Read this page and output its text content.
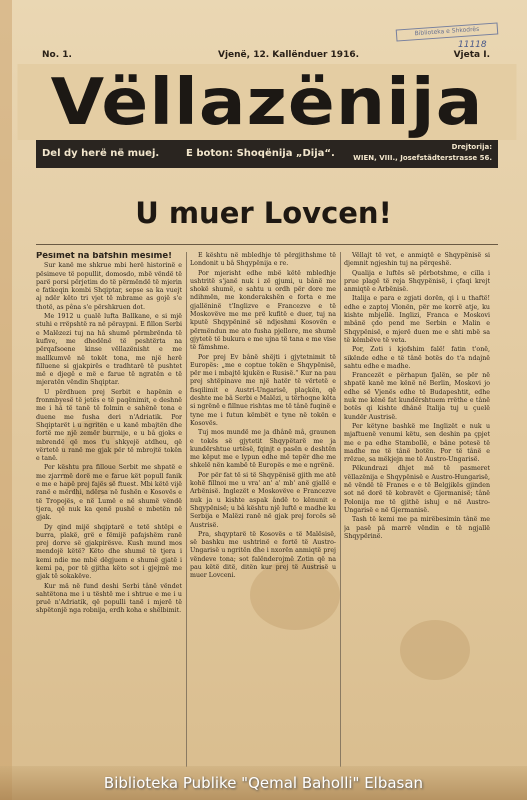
Biblioteka e Shkodrës
11118
No. 1.	Vjenë, 12. Kallënduer 1916.	Vjeta I.
Vëllazënija
Del dy herë në muej.	E boton: Shoqënija „Dija“.
Drejtorija:
WIEN, VIII., Josefstädterstrasse 56.
U muer Lovcen!
Pësimet na bâfshin mësime!

Sur kanë me shkrue mbi herë historinë e pësimeve të popullit, domosdo, mbë vëndë të parë porsi përjetim do të përmëndë të mjerin e fatkeqin kombi Shqiptar, sepse sa ka vuejt aj ndër këto tri vjet të mbrame as gojë s'e thotë, as pêna s'e përshkruen dot.

Me 1912 u çualë lufta Ballkane, e si mjë stuhi e rrëpshtë ra në përaypni. E fillon Serbi e Malëzezi tuj na hâ shumë përmbrënda të kufive, me dhedënë të peshtërta na përqafsoene kinse vëllazënisht e me mallkumvë në tokët tona, me një herë filluene si gjakpirës e tradhtarë të pushtet më e djegë e më e farue të ngratën e të mjeratën vëndin Shqiptar.

U përdhuen prej Serbit e hapënin e fronmbyesë të jetës e të paqënimit, e deshnë me i hâ të tanë të folmin e sahënë tona e duene me fusha deri n'Adriatik. Por Shqiptarët i u ngritën e u kanë mbajtën dhe fortë me një zemër burrnije, e u bâ gjoks e mbrendë që mos t'u shkyejë atdheu, që vërtetë u ranë me gjak për të mbrojtë tokën e tanë.

Per kështu pra filloue Serbit me shpatë e me zjarrmë dorë me e farue kët popull fanik e me e hapë prej fajës së ftuest. Mbi këtë vijë ranë e mërdhi, ndërsa në fushën e Kosovës e të Tropojës, e në Lumë e në shumë vëndë tjera, që nuk ka qenë pushë e mbetën në gjak.

Dy qind mijë shqiptarë e tetë shtëpi e burra, plakë, grë e fëmijë pafajshëm ranë prej dorve së gjakpirësve. Kush mund mos mendojë këtë? Këto dhe shumë të tjera i kemi ndie me mbë dëgjuem e shumë gjatë i kemi pa, por të gjitha këto sot i gjejmë me gjak të sokakëve.

Kur mä në fund deshi Serbi tânë vëndet sahtëtona me i u tështë me i shtrue e me i u pruë n'Adriatik, që populli tanë i mjerë të shpëtonjë nga robnija, erdh koha e shëlbimit.

E kështu në mbledhje të përgjithshme të Londonit u bâ Shqypënija e re.

Por mjerisht edhe mbë këtë mbledhje ushtritë s'janë nuk i zë gjumi, u bânë me shokë shumë, e sahtu u ordh për dore me ndihmën, me konderakshën e forta e me gjallëninë t'Inglizve e Francezve e të Moskovëve me me prë kufitë e duer, tuj na kputë Shqypëninë së ndjeshmi Kosovën e përmëndun me ato fusha pjellore, me shumë gjytetë të bukura e me ujna të tana e me vise të fâmshme.

Por prej Ev bânë shëjti i gjytetnimit të Europës: „me e coptue tokën e Shqypënisë, për me i mbajtë kjukën e Rusisë.“ Kur na pau prej shtëpinave me një hatër të vërtetë e fisqilimit e Austri-Ungarisë, plaçkën, që deshte me bâ Serbi e Malëzi, u tërhoqne këta si ngrënë e fillnue rishtas me të tânë fuqinë e tyne me i futun këmbët e tyne në tokën e Kosovës.

Tuj mos mundë me ja dhânë mâ, graunen e tokës së gjytetit Shqypëtarë me ja kundërshtue urtësë, fqinjt e pasën e deshtën me këput me e lypun edhe më tepër dhe me shkelë nën kambë të Europës e me e ngrënë.

Por për fat të si të Shqypënisë gjith me atë kohë fillnoi me u vra' an' a' mb' anë gjallë e Arbënisë. Inglezët e Moskovëve e Francezve nuk ja u kishte aspak ândë to kënunit e Shqypënisë; u bâ kështu një luftë e madhe ku Serbija e Malëzi ranë në gjak prej forcës së Austrisë.

Pra, shqyptarë të Kosovës e të Malësisë, së bashku me ushtrinë e fortë të Austro-Ungarisë u ngritën dhe i nxorën anmiqtë prej vëndeve tona; sot falënderojmë Zotin që na pau këtë ditë, ditën kur prej të Austrisë u muer Lovceni.

Vëllajt të vet, e anmiqtë e Shqypënisë si djemnit ngjeshin tuj na përqeshë.

Qualija e luftës së përbotshme, e cilla i prue plagë të reja Shqypënisë, i çfaqi krejt anmiqtë e Arbënisë.

Italija e para e zgjati dorën, qi i u thaftë! edhe e zaptoj Vlonën, për me korrë atje, ku kishte mbjellë. Inglizi, Franca e Moskovi mbânë çdo pend me Serbin e Malin e Shqypënisë, e mjerë duen me e shti mbë sa të këmbëve të veta.

Por, Zoti i kjofshim falë! fatin t'onë, sikënde edhe e të tânë botës do t'a ndajnë sahtu edhe e madhe.

Francezët e përhapun fjalën, se për në shpatë kanë me kënë në Berlin, Moskovi jo edhe së Vjenës edhe të Budapeshtit, edhe nuk me kënë fat kundërshtuem rrëthe e tânë botës qi kishte dhânë Italija tuj u çuelë kundër Austrisë.

Per këtyne bashkë me Inglizët e nuk u mjaftuenë venumi këtu, sen deshin pa çpjet me e pa edhe Stambollë, e bâne potesë të madhe me të tânë botën. Por të tânë e rrëzue, sa mëkjejn me të Austro-Ungarisë.

Pëkundrazi dhjet më të pasmeret vëllazënija e Shqypënisë e Austro-Hungarisë, në vëndë të Franes e e të Belgjikës gjinden sot në dorë të kobravët e Gjermanisë; tânë Polonija me të gjithë ishuj e në Austro-Ungarisë e në Gjermanisë.

Tash të kemi me pa mirëbesimin tânë me ja pasë pâ marrë vëndin e të ngjallë Shqypërinë.

Biblioteka Publike "Qemal Baholli" Elbasan
